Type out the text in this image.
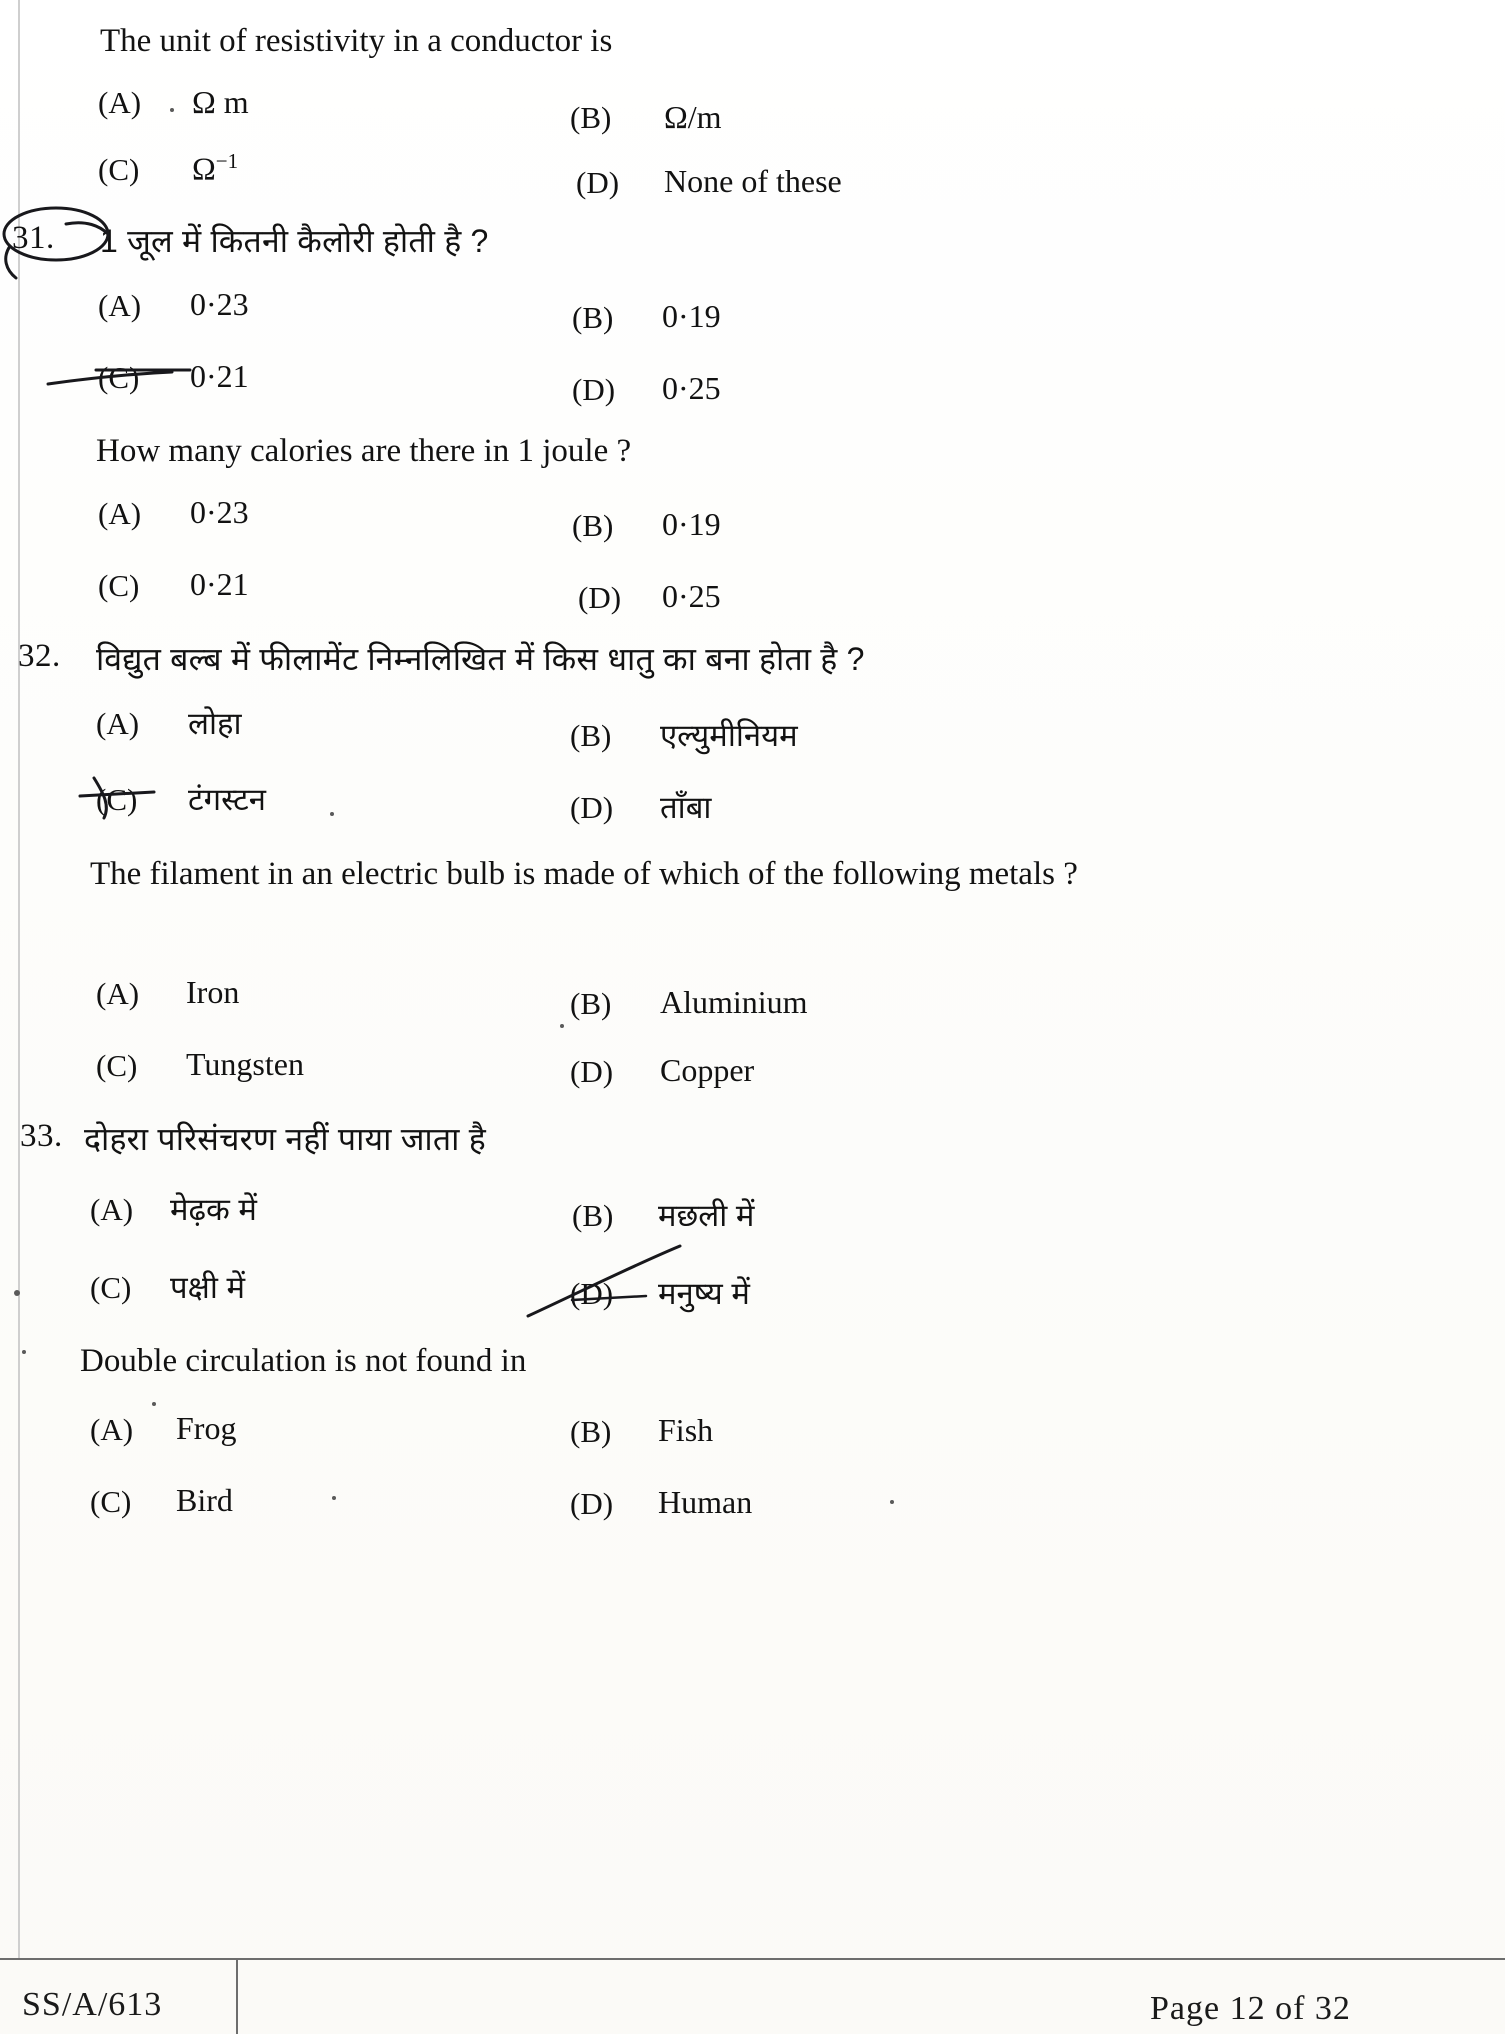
The unit of resistivity in a conductor is
(A) Ω m	(B) Ω/m
(C) $\Omega^{-1}$
(D) None of these
31. 1 जूल में कितनी कैलोरी होती है ?
(A) 0·23	(B) 0·19
(C) 0·21	(D) 0·25
How many calories are there in 1 joule ?
(A) 0·23	(B) 0·19
(C) 0·21	(D) 0·25
32. विद्युत बल्ब में फीलामेंट निम्नलिखित में किस धातु का बना होता है ?
(A) लोहा	(B) एल्युमीनियम
(C) टंगस्टन	(D) ताँबा
The filament in an electric bulb is made of which of the following metals ?
(A) Iron	(B) Aluminium
(C) Tungsten	(D) Copper
33. दोहरा परिसंचरण नहीं पाया जाता है
(A) मेढ़क में	(B) मछली में
(C) पक्षी में	(D) मनुष्य में
Double circulation is not found in
(A) Frog	(B) Fish
(C) Bird	(D) Human
SS/A/613	Page 12 of 32
